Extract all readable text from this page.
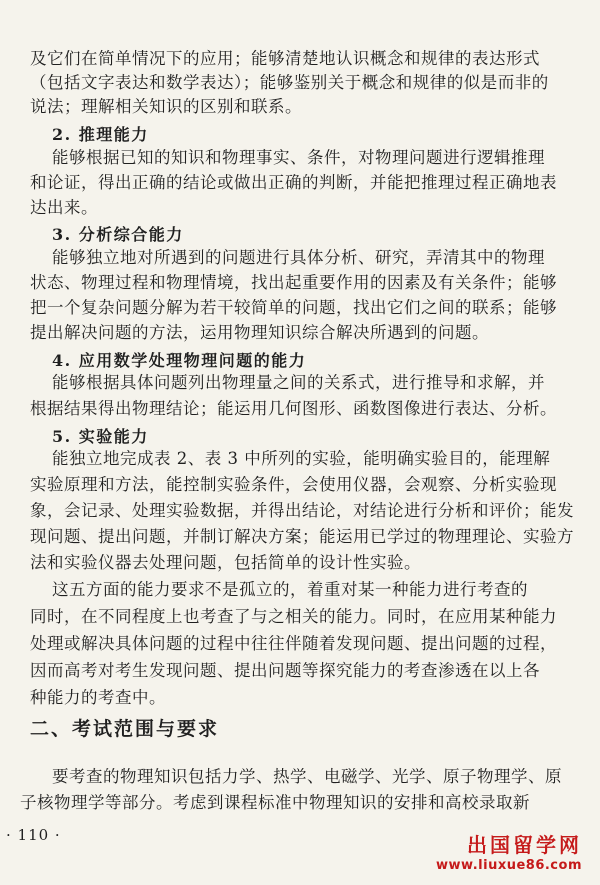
及它们在简单情况下的应用；能够清楚地认识概念和规律的表达形式
（包括文字表达和数学表达）；能够鉴别关于概念和规律的似是而非的
说法；理解相关知识的区别和联系。
2. 推理能力
能够根据已知的知识和物理事实、条件，对物理问题进行逻辑推理
和论证，得出正确的结论或做出正确的判断，并能把推理过程正确地表
达出来。
3. 分析综合能力
能够独立地对所遇到的问题进行具体分析、研究，弄清其中的物理
状态、物理过程和物理情境，找出起重要作用的因素及有关条件；能够
把一个复杂问题分解为若干较简单的问题，找出它们之间的联系；能够
提出解决问题的方法，运用物理知识综合解决所遇到的问题。
4. 应用数学处理物理问题的能力
能够根据具体问题列出物理量之间的关系式，进行推导和求解，并
根据结果得出物理结论；能运用几何图形、函数图像进行表达、分析。
5. 实验能力
能独立地完成表 2、表 3 中所列的实验，能明确实验目的，能理解
实验原理和方法，能控制实验条件，会使用仪器，会观察、分析实验现
象，会记录、处理实验数据，并得出结论，对结论进行分析和评价；能发
现问题、提出问题，并制订解决方案；能运用已学过的物理理论、实验方
法和实验仪器去处理问题，包括简单的设计性实验。
这五方面的能力要求不是孤立的，着重对某一种能力进行考查的
同时，在不同程度上也考查了与之相关的能力。同时，在应用某种能力
处理或解决具体问题的过程中往往伴随着发现问题、提出问题的过程，
因而高考对考生发现问题、提出问题等探究能力的考查渗透在以上各
二、考试范围与要求
要考查的物理知识包括力学、热学、电磁学、光学、原子物理学、原
子核物理学等部分。考虑到课程标准中物理知识的安排和高校录取新
· 110 ·	出国留学网
www.liuxue86.com
种能力的考查中。
